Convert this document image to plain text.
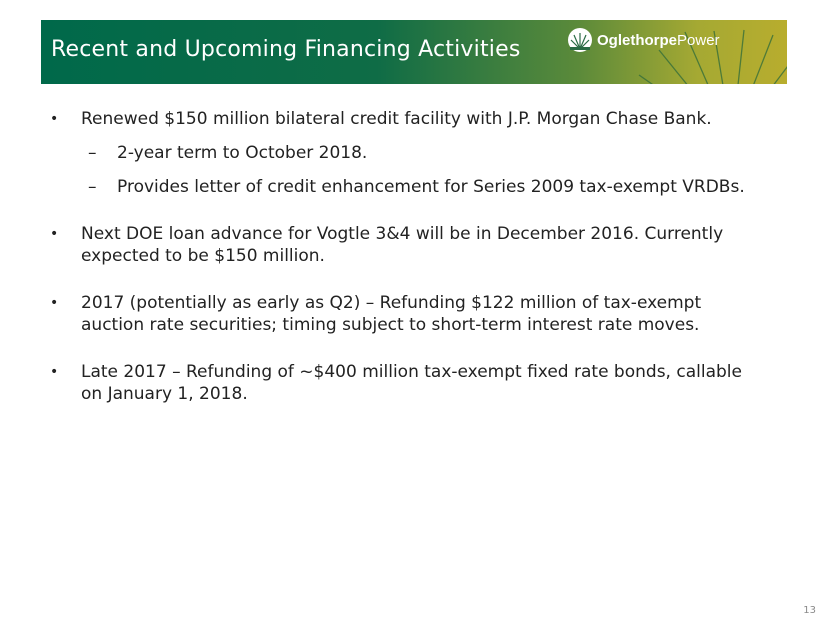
Recent and Upcoming Financing Activities	OglethorpePower
• Renewed $150 million bilateral credit facility with J.P. Morgan Chase Bank.
– 2-year term to October 2018.
– Provides letter of credit enhancement for Series 2009 tax-exempt VRDBs.
• Next DOE loan advance for Vogtle 3&4 will be in December 2016. Currently
expected to be $150 million.
• 2017 (potentially as early as Q2) – Refunding $122 million of tax-exempt
auction rate securities; timing subject to short-term interest rate moves.
• Late 2017 – Refunding of ~$400 million tax-exempt fixed rate bonds, callable
on January 1, 2018.
13
